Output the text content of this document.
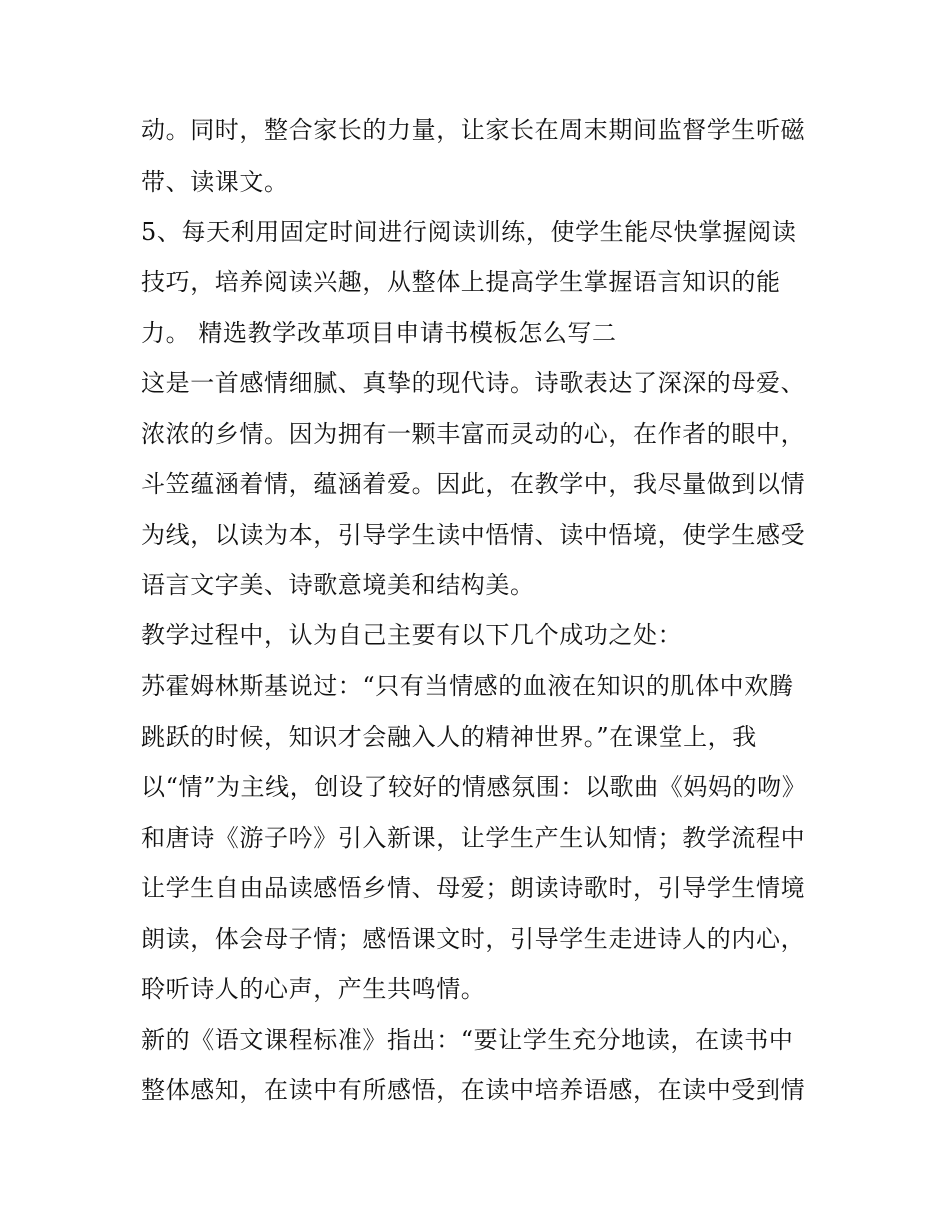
动。同时，整合家长的力量，让家长在周末期间监督学生听磁
带、读课文。
5、每天利用固定时间进行阅读训练，使学生能尽快掌握阅读
技巧，培养阅读兴趣，从整体上提高学生掌握语言知识的能
力。 精选教学改革项目申请书模板怎么写二
这是一首感情细腻、真挚的现代诗。诗歌表达了深深的母爱、
浓浓的乡情。因为拥有一颗丰富而灵动的心，在作者的眼中，
斗笠蕴涵着情，蕴涵着爱。因此，在教学中，我尽量做到以情
为线，以读为本，引导学生读中悟情、读中悟境，使学生感受
语言文字美、诗歌意境美和结构美。
教学过程中，认为自己主要有以下几个成功之处：
苏霍姆林斯基说过：“只有当情感的血液在知识的肌体中欢腾
跳跃的时候，知识才会融入人的精神世界。”在课堂上，我
以“情”为主线，创设了较好的情感氛围：以歌曲《妈妈的吻》
和唐诗《游子吟》引入新课，让学生产生认知情；教学流程中
让学生自由品读感悟乡情、母爱；朗读诗歌时，引导学生情境
朗读，体会母子情；感悟课文时，引导学生走进诗人的内心，
聆听诗人的心声，产生共鸣情。
新的《语文课程标准》指出：“要让学生充分地读，在读书中
整体感知，在读中有所感悟，在读中培养语感，在读中受到情
